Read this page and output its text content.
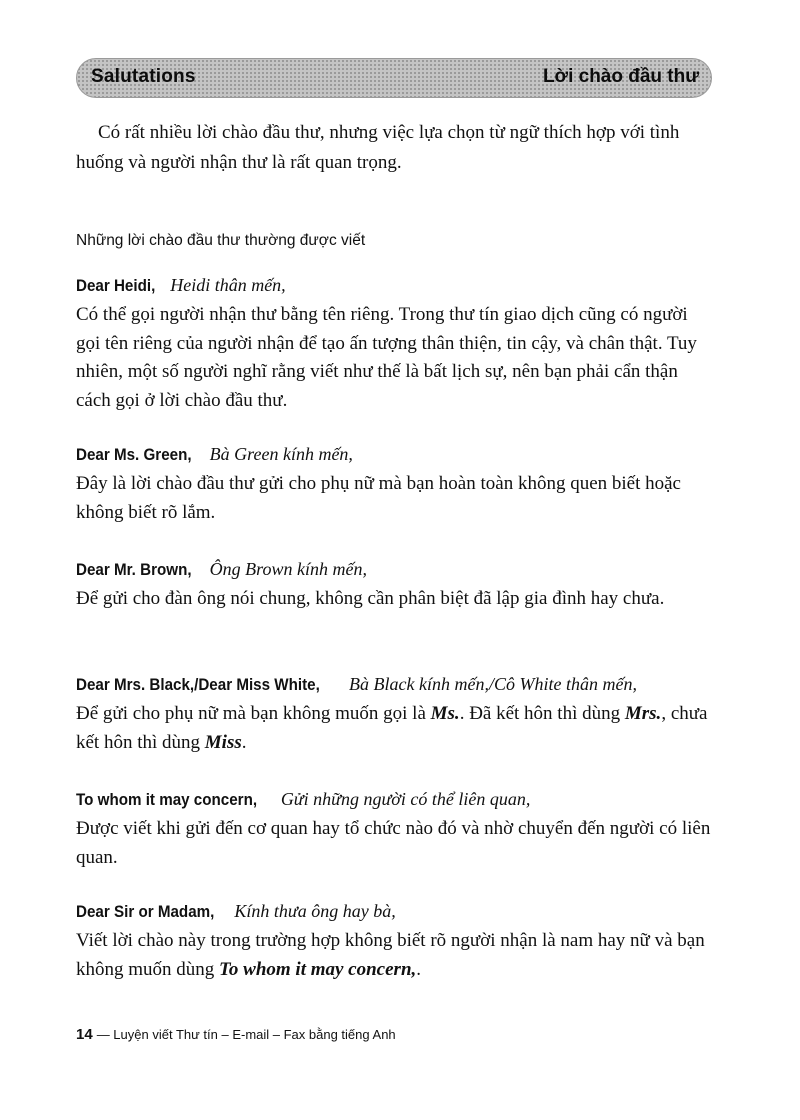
Salutations	Lời chào đầu thư

Có rất nhiều lời chào đầu thư, nhưng việc lựa chọn từ ngữ thích hợp với tình huống và người nhận thư là rất quan trọng.

Những lời chào đầu thư thường được viết
Dear Heidi, Heidi thân mến,

Có thể gọi người nhận thư bằng tên riêng. Trong thư tín giao dịch cũng có người gọi tên riêng của người nhận để tạo ấn tượng thân thiện, tin cậy, và chân thật. Tuy nhiên, một số người nghĩ rằng viết như thế là bất lịch sự, nên bạn phải cẩn thận cách gọi ở lời chào đầu thư.

Dear Ms. Green, Bà Green kính mến,

Đây là lời chào đầu thư gửi cho phụ nữ mà bạn hoàn toàn không quen biết hoặc không biết rõ lắm.

Dear Mr. Brown, Ông Brown kính mến,

Để gửi cho đàn ông nói chung, không cần phân biệt đã lập gia đình hay chưa.

Dear Mrs. Black,/Dear Miss White, Bà Black kính mến,/Cô White thân mến,

Để gửi cho phụ nữ mà bạn không muốn gọi là Ms.. Đã kết hôn thì dùng Mrs., chưa kết hôn thì dùng Miss.

To whom it may concern, Gửi những người có thể liên quan,

Được viết khi gửi đến cơ quan hay tổ chức nào đó và nhờ chuyển đến người có liên quan.

Dear Sir or Madam, Kính thưa ông hay bà,

Viết lời chào này trong trường hợp không biết rõ người nhận là nam hay nữ và bạn không muốn dùng To whom it may concern,.

14 — Luyện viết Thư tín – E-mail – Fax bằng tiếng Anh
